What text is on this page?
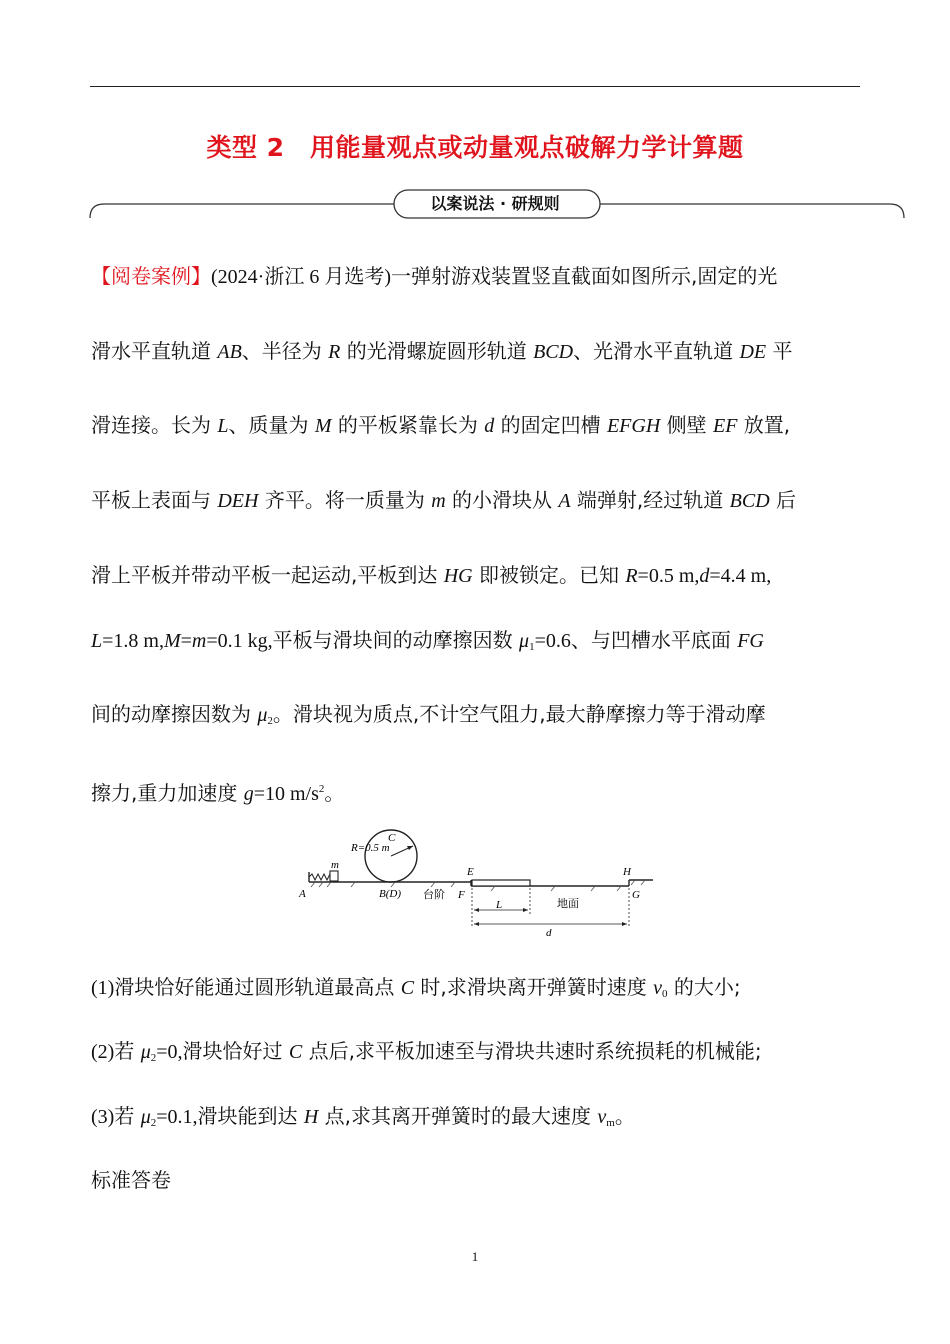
类型 2　用能量观点或动量观点破解力学计算题
以案说法 · 研规则
【阅卷案例】(2024·浙江 6 月选考)一弹射游戏装置竖直截面如图所示,固定的光
滑水平直轨道 AB、半径为 R 的光滑螺旋圆形轨道 BCD、光滑水平直轨道 DE 平
滑连接。长为 L、质量为 M 的平板紧靠长为 d 的固定凹槽 EFGH 侧壁 EF 放置,
平板上表面与 DEH 齐平。将一质量为 m 的小滑块从 A 端弹射,经过轨道 BCD 后
滑上平板并带动平板一起运动,平板到达 HG 即被锁定。已知 R=0.5 m,d=4.4 m,
L=1.8 m,M=m=0.1 kg,平板与滑块间的动摩擦因数 $\mu_1=0.6$、与凹槽水平底面 FG
间的动摩擦因数为 $\mu_2$。滑块视为质点,不计空气阻力,最大静摩擦力等于滑动摩
擦力,重力加速度 g=10 $m/s^2$。
R=0.5 m
C
m
A	B(D) 台阶
E
F
L	地面
H
G
d
(1)滑块恰好能通过圆形轨道最高点 C 时,求滑块离开弹簧时速度 $v_0$ 的大小;
(2)若 $\mu_2=0$,滑块恰好过 C 点后,求平板加速至与滑块共速时系统损耗的机械能;
(3)若 $\mu_2=0.1$,滑块能到达 H 点,求其离开弹簧时的最大速度 $v_m$。
标准答卷
1
